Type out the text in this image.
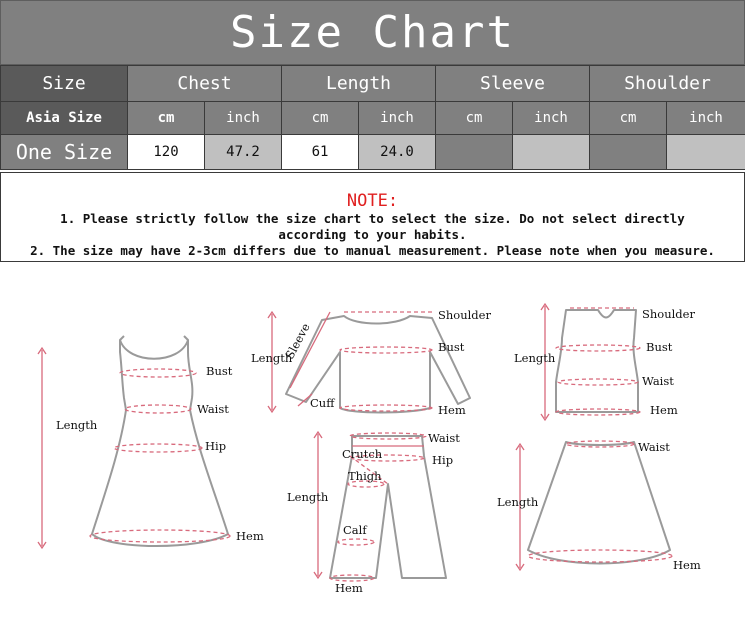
Size Chart
Size	Chest		Length		Sleeve		Shoulder	
Asia Size	cm	inch	cm	inch	cm	inch	cm	inch
One Size	120	47.2	61	24.0				
NOTE:
1. Please strictly follow the size chart to select the size. Do not select directly
according to your habits.
2. The size may have 2-3cm differs due to manual measurement. Please note when you measure.
Length
Bust
Waist
Hip
Hem
Length
Sleeve
Shoulder
Bust
Cuff	Hem
Length
Shoulder
Bust
Waist
Hem
Length
Waist
Crutch	Hip
Thigh
Calf
Hem
Length
Waist
Hem
